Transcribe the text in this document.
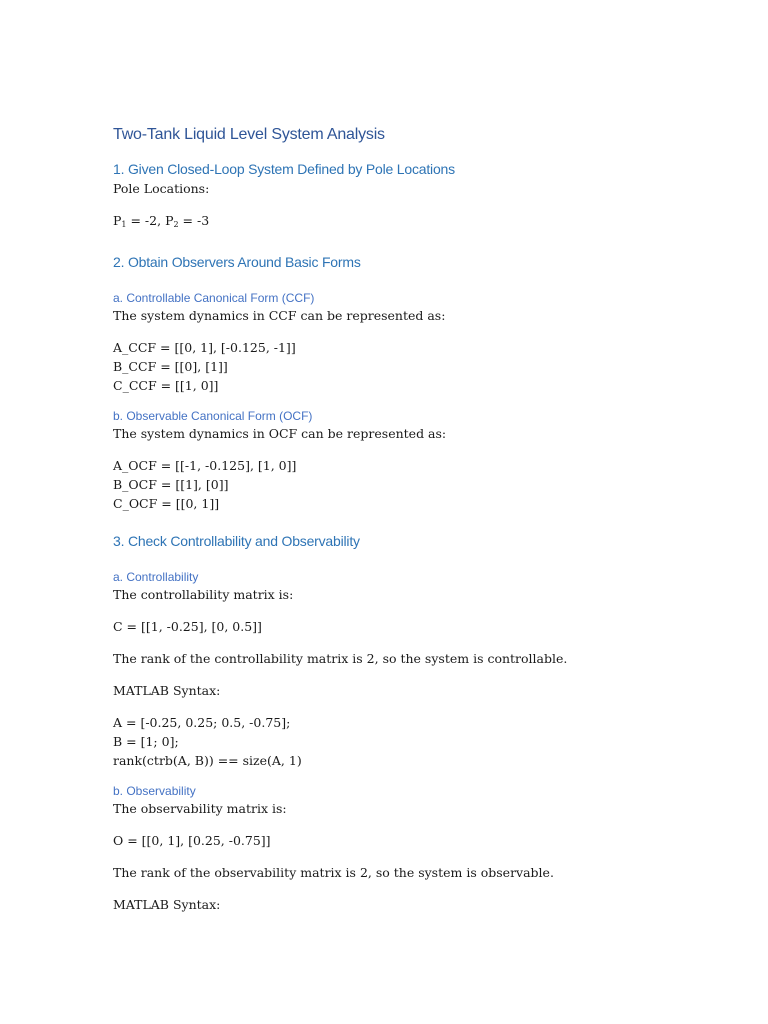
Two-Tank Liquid Level System Analysis
1. Given Closed-Loop System Defined by Pole Locations
Pole Locations:
$P_1 = -2$, $P_2 = -3$
2. Obtain Observers Around Basic Forms
a. Controllable Canonical Form (CCF)
The system dynamics in CCF can be represented as:
A_CCF = [[0, 1], [-0.125, -1]]
B_CCF = [[0], [1]]
C_CCF = [[1, 0]]
b. Observable Canonical Form (OCF)
The system dynamics in OCF can be represented as:
A_OCF = [[-1, -0.125], [1, 0]]
B_OCF = [[1], [0]]
C_OCF = [[0, 1]]
3. Check Controllability and Observability
a. Controllability
The controllability matrix is:
C = [[1, -0.25], [0, 0.5]]
The rank of the controllability matrix is 2, so the system is controllable.
MATLAB Syntax:
A = [-0.25, 0.25; 0.5, -0.75];
B = [1; 0];
rank(ctrb(A, B)) == size(A, 1)
b. Observability
The observability matrix is:
O = [[0, 1], [0.25, -0.75]]
The rank of the observability matrix is 2, so the system is observable.
MATLAB Syntax:
